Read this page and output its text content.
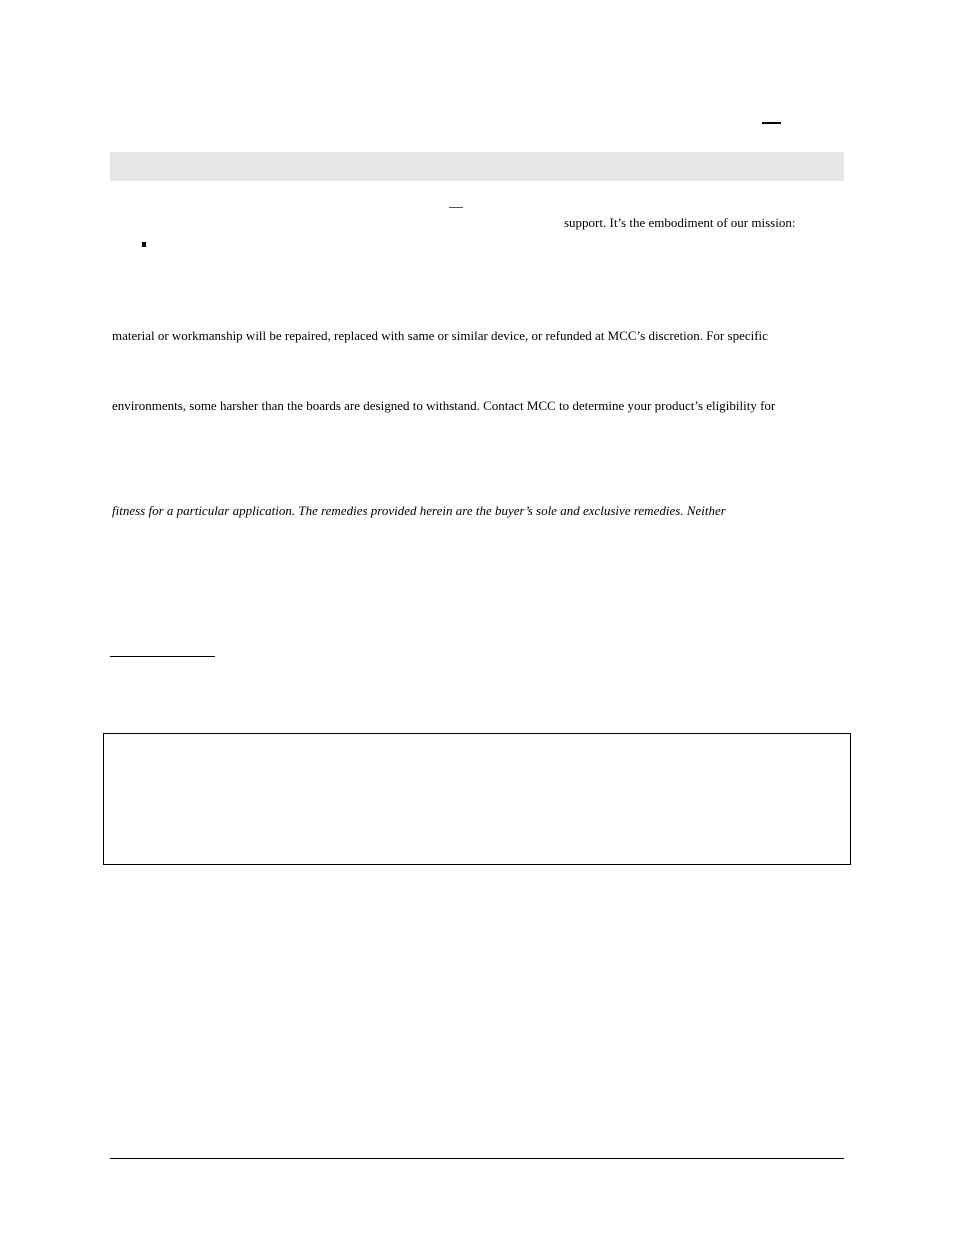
support. It’s the embodiment of our mission:
material or workmanship will be repaired, replaced with same or similar device, or refunded at MCC’s discretion. For specific
environments, some harsher than the boards are designed to withstand. Contact MCC to determine your product’s eligibility for
fitness for a particular application. The remedies provided herein are the buyer’s sole and exclusive remedies. Neither
